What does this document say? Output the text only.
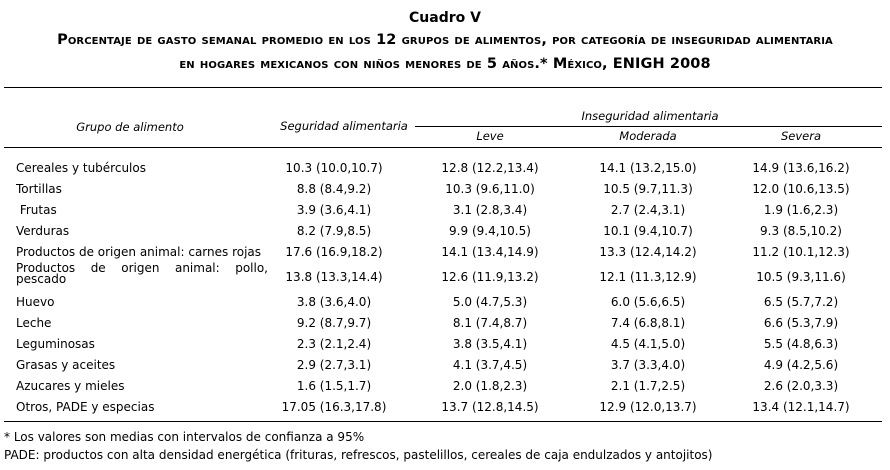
Cuadro V
Porcentaje de gasto semanal promedio en los 12 grupos de alimentos, por categoría de inseguridad alimentaria
en hogares mexicanos con niños menores de 5 años.* México, ENIGH 2008
Grupo de alimento	Seguridad alimentaria
Inseguridad alimentaria
Leve	Moderada	Severa
Cereales y tubérculos	10.3 (10.0,10.7)	12.8 (12.2,13.4)	14.1 (13.2,15.0)	14.9 (13.6,16.2)
Tortillas	8.8 (8.4,9.2)	10.3 (9.6,11.0)	10.5 (9.7,11.3)	12.0 (10.6,13.5)
Frutas	3.9 (3.6,4.1)	3.1 (2.8,3.4)	2.7 (2.4,3.1)	1.9 (1.6,2.3)
Verduras	8.2 (7.9,8.5)	9.9 (9.4,10.5)	10.1 (9.4,10.7)	9.3 (8.5,10.2)
Productos de origen animal: carnes rojas	17.6 (16.9,18.2)	14.1 (13.4,14.9)	13.3 (12.4,14.2)	11.2 (10.1,12.3)
Productos de origen animal: pollo, pescado	13.8 (13.3,14.4)	12.6 (11.9,13.2)	12.1 (11.3,12.9)	10.5 (9.3,11.6)
Huevo	3.8 (3.6,4.0)	5.0 (4.7,5.3)	6.0 (5.6,6.5)	6.5 (5.7,7.2)
Leche	9.2 (8.7,9.7)	8.1 (7.4,8.7)	7.4 (6.8,8.1)	6.6 (5.3,7.9)
Leguminosas	2.3 (2.1,2.4)	3.8 (3.5,4.1)	4.5 (4.1,5.0)	5.5 (4.8,6.3)
Grasas y aceites	2.9 (2.7,3.1)	4.1 (3.7,4.5)	3.7 (3.3,4.0)	4.9 (4.2,5.6)
Azucares y mieles	1.6 (1.5,1.7)	2.0 (1.8,2.3)	2.1 (1.7,2.5)	2.6 (2.0,3.3)
Otros, PADE y especias	17.05 (16.3,17.8)	13.7 (12.8,14.5)	12.9 (12.0,13.7)	13.4 (12.1,14.7)
* Los valores son medias con intervalos de confianza a 95%
PADE: productos con alta densidad energética (frituras, refrescos, pastelillos, cereales de caja endulzados y antojitos)
